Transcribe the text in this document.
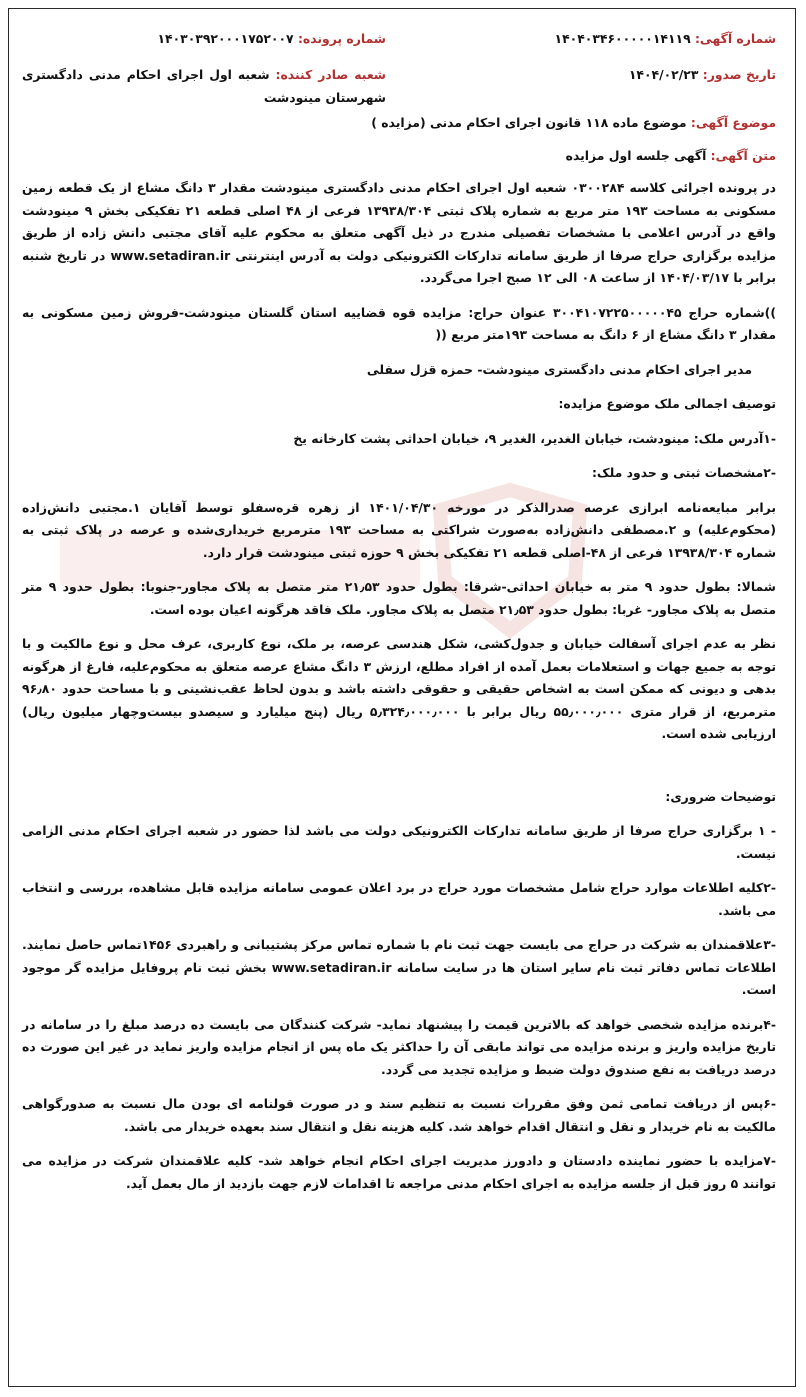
شماره آگهی: ۱۴۰۴۰۳۴۶۰۰۰۰۰۱۴۱۱۹
شماره پرونده: ۱۴۰۳۰۳۹۲۰۰۰۱۷۵۲۰۰۷
تاریخ صدور: ۱۴۰۴/۰۲/۲۳
شعبه صادر کننده: شعبه اول اجرای احکام مدنی دادگستری شهرستان مینودشت
موضوع آگهی: موضوع ماده ۱۱۸ قانون اجرای احکام مدنی (مزایده )
متن آگهی: آگهی جلسه اول مزایده

در پرونده اجرائی کلاسه ۰۳۰۰۲۸۴ شعبه اول اجرای احکام مدنی دادگستری مینودشت مقدار ۳ دانگ مشاع از یک قطعه زمین مسکونی به مساحت ۱۹۳ متر مربع به شماره پلاک ثبتی ۱۳۹۳۸/۳۰۴ فرعی از ۴۸ اصلی قطعه ۲۱ تفکیکی بخش ۹ مینودشت واقع در آدرس اعلامی با مشخصات تفصیلی مندرج در ذیل آگهی متعلق به محکوم علیه آقای مجتبی دانش زاده از طریق مزایده برگزاری حراج صرفا از طریق سامانه تدارکات الکترونیکی دولت به آدرس اینترنتی www.setadiran.ir در تاریخ شنبه برابر با ۱۴۰۴/۰۳/۱۷ از ساعت ۰۸ الی ۱۲ صبح اجرا می‌گردد.

))شماره حراج ۳۰۰۴۱۰۷۲۲۵۰۰۰۰۰۴۵ عنوان حراج: مزایده قوه قضاییه استان گلستان مینودشت-فروش زمین مسکونی به مقدار ۳ دانگ مشاع از ۶ دانگ به مساحت ۱۹۳متر مربع ((

مدیر اجرای احکام مدنی دادگستری مینودشت- حمزه قزل سفلی

توصیف اجمالی ملک موضوع مزایده:

-۱آدرس ملک: مینودشت، خیابان الغدیر، الغدیر ۹، خیابان احداثی پشت کارخانه یخ

-۲مشخصات ثبتی و حدود ملک:

برابر مبایعه‌نامه ابرازی عرصه صدرالذکر در مورخه ۱۴۰۱/۰۴/۳۰ از زهره قره‌سفلو توسط آقایان ۱.مجتبی دانش‌زاده (محکوم‌علیه) و ۲.مصطفی دانش‌زاده به‌صورت شراکتی به مساحت ۱۹۳ مترمربع خریداری‌شده و عرصه در پلاک ثبتی به شماره ۱۳۹۳۸/۳۰۴ فرعی از ۴۸-اصلی قطعه ۲۱ تفکیکی بخش ۹ حوزه ثبتی مینودشت قرار دارد.

شمالا: بطول حدود ۹ متر به خیابان احداثی-شرقا: بطول حدود ۲۱٫۵۳ متر متصل به پلاک مجاور-جنوبا: بطول حدود ۹ متر متصل به پلاک مجاور- غربا: بطول حدود ۲۱٫۵۳ متصل به پلاک مجاور. ملک فاقد هرگونه اعیان بوده است.

نظر به عدم اجرای آسفالت خیابان و جدول‌کشی، شکل هندسی عرصه، بر ملک، نوع کاربری، عرف محل و نوع مالکیت و با توجه به جمیع جهات و استعلامات بعمل آمده از افراد مطلع، ارزش ۳ دانگ مشاع عرصه متعلق به محکوم‌علیه، فارغ از هرگونه بدهی و دیونی که ممکن است به اشخاص حقیقی و حقوقی داشته باشد و بدون لحاظ عقب‌نشینی و با مساحت حدود ۹۶٫۸۰ مترمربع، از قرار متری ۵۵٫۰۰۰٫۰۰۰ ریال برابر با ۵٫۳۲۴٫۰۰۰٫۰۰۰ ریال (پنج میلیارد و سیصدو بیست‌وچهار میلیون ریال) ارزیابی شده است.

توضیحات ضروری:

- ۱ برگزاری حراج صرفا از طریق سامانه تدارکات الکترونیکی دولت می باشد لذا حضور در شعبه اجرای احکام مدنی الزامی نیست.

-۲کلیه اطلاعات موارد حراج شامل مشخصات مورد حراج در برد اعلان عمومی سامانه مزایده قابل مشاهده، بررسی و انتخاب می باشد.

-۳علاقمندان به شرکت در حراج می بایست جهت ثبت نام با شماره تماس مرکز پشتیبانی و راهبردی ۱۴۵۶تماس حاصل نمایند. اطلاعات تماس دفاتر ثبت نام سایر استان ها در سایت سامانه www.setadiran.ir بخش ثبت نام پروفایل مزایده گر موجود است.

-۴برنده مزایده شخصی خواهد که بالاترین قیمت را پیشنهاد نماید- شرکت کنندگان می بایست ده درصد مبلغ را در سامانه در تاریخ مزایده واریز و برنده مزایده می تواند مابقی آن را حداکثر یک ماه پس از انجام مزایده واریز نماید در غیر این صورت ده درصد دریافت به نفع صندوق دولت ضبط و مزایده تجدید می گردد.

-۶پس از دریافت تمامی ثمن وفق مقررات نسبت به تنظیم سند و در صورت قولنامه ای بودن مال نسبت به صدورگواهی مالکیت به نام خریدار و نقل و انتقال اقدام خواهد شد. کلیه هزینه نقل و انتقال سند بعهده خریدار می باشد.

-۷مزایده با حضور نماینده دادستان و دادورز مدیریت اجرای احکام انجام خواهد شد- کلیه علاقمندان شرکت در مزایده می توانند ۵ روز قبل از جلسه مزایده به اجرای احکام مدنی مراجعه تا اقدامات لازم جهت بازدید از مال بعمل آید.
